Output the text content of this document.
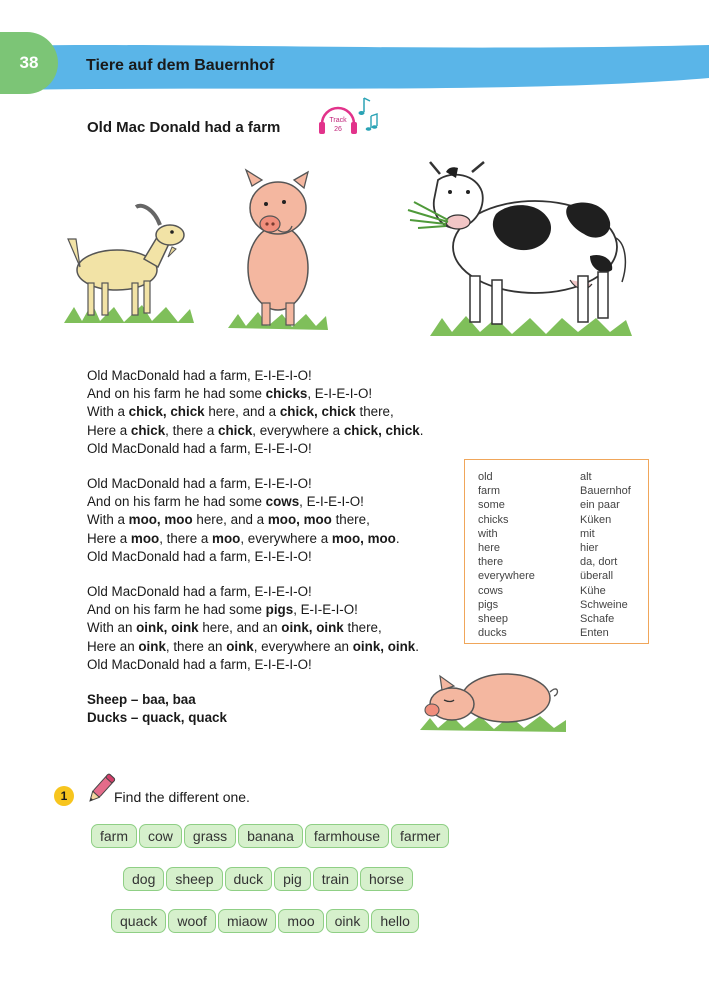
38	Tiere auf dem Bauernhof
Old Mac Donald had a farm	Track
26
Old MacDonald had a farm, E-I-E-I-O!
And on his farm he had some chicks, E-I-E-I-O!
With a chick, chick here, and a chick, chick there,
Here a chick, there a chick, everywhere a chick, chick.
Old MacDonald had a farm, E-I-E-I-O!
Old MacDonald had a farm, E-I-E-I-O!
And on his farm he had some cows, E-I-E-I-O!
With a moo, moo here, and a moo, moo there,
Here a moo, there a moo, everywhere a moo, moo.
Old MacDonald had a farm, E-I-E-I-O!
Old MacDonald had a farm, E-I-E-I-O!
And on his farm he had some pigs, E-I-E-I-O!
With an oink, oink here, and an oink, oink there,
Here an oink, there an oink, everywhere an oink, oink.
Old MacDonald had a farm, E-I-E-I-O!
Sheep – baa, baa
Ducks – quack, quack
old	alt
farm	Bauernhof
some	ein paar
chicks	Küken
with	mit
here	hier
there	da, dort
everywhere	überall
cows	Kühe
pigs	Schweine
sheep	Schafe
ducks	Enten
1	Find the different one.
farm	cow	grass	banana	farmhouse	farmer
dog	sheep	duck	pig	train	horse
quack	woof	miaow	moo	oink	hello
